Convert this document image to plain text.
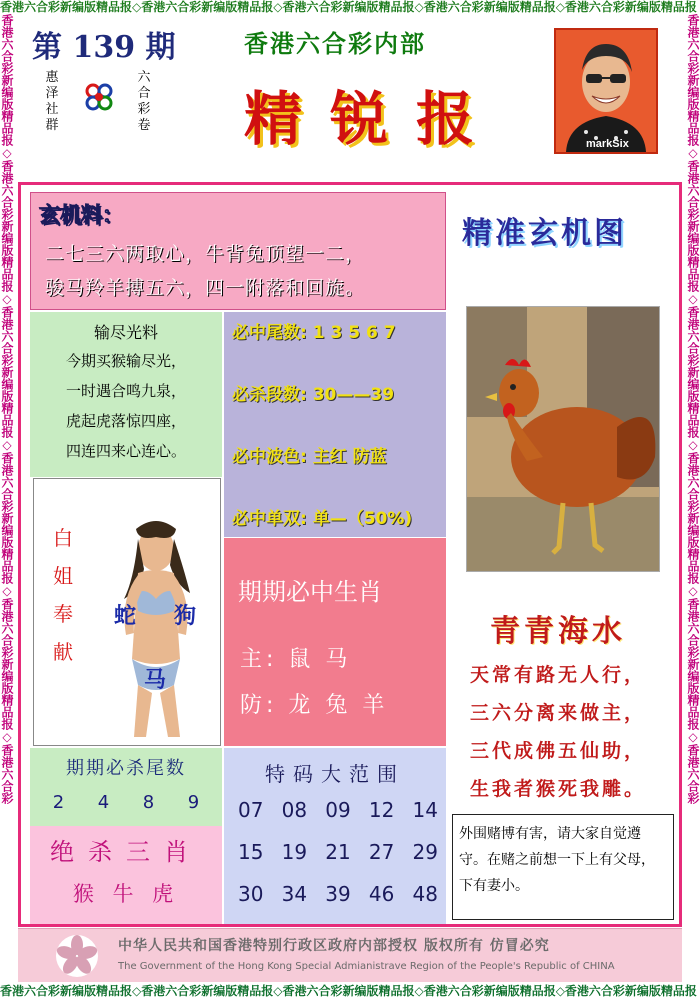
香港六合彩新编版精品报◇香港六合彩新编版精品报◇香港六合彩新编版精品报◇香港六合彩新编版精品报◇香港六合彩新编版精品报
香港六合彩新编版精品报◇香港六合彩新编版精品报◇香港六合彩新编版精品报◇香港六合彩新编版精品报◇香港六合彩新编版精品报◇香港六合彩	香港六合彩新编版精品报◇香港六合彩新编版精品报◇香港六合彩新编版精品报◇香港六合彩新编版精品报◇香港六合彩新编版精品报◇香港六合彩
香港六合彩新编版精品报◇香港六合彩新编版精品报◇香港六合彩新编版精品报◇香港六合彩新编版精品报◇香港六合彩新编版精品报
第 139 期
惠泽社群
六合彩卷
香港六合彩内部
精锐报	markSix
玄机料：
二七三六两取心，牛背兔顶望一二，
骏马羚羊搏五六，四一附落和回旋。
输尽光料
今期买猴输尽光，
一时遇合鸣九泉，
虎起虎落惊四座，
四连四来心连心。
白
姐
奉
献
蛇 狗
马
必中尾数: 1 3 5 6 7
必杀段数: 30——39
必中波色: 主红 防蓝
必中单双: 单—（50%)
期期必中生肖
主: 鼠 马
防: 龙 兔 羊
期期必杀尾数
2 4 8 9
绝杀三肖
猴 牛 虎
特码大范围
07 08 09 12 14
15 19 21 27 29
30 34 39 46 48
精准玄机图
青青海水
天常有路无人行，
三六分离来做主，
三代成佛五仙助，
生我者猴死我雕。
外围赌博有害，请大家自觉遵守。在赌之前想一下上有父母，下有妻小。
中华人民共和国香港特别行政区政府内部授权 版权所有 仿冒必究
The Government of the Hong Kong Special Admianistrave Region of the People's Republic of CHINA
